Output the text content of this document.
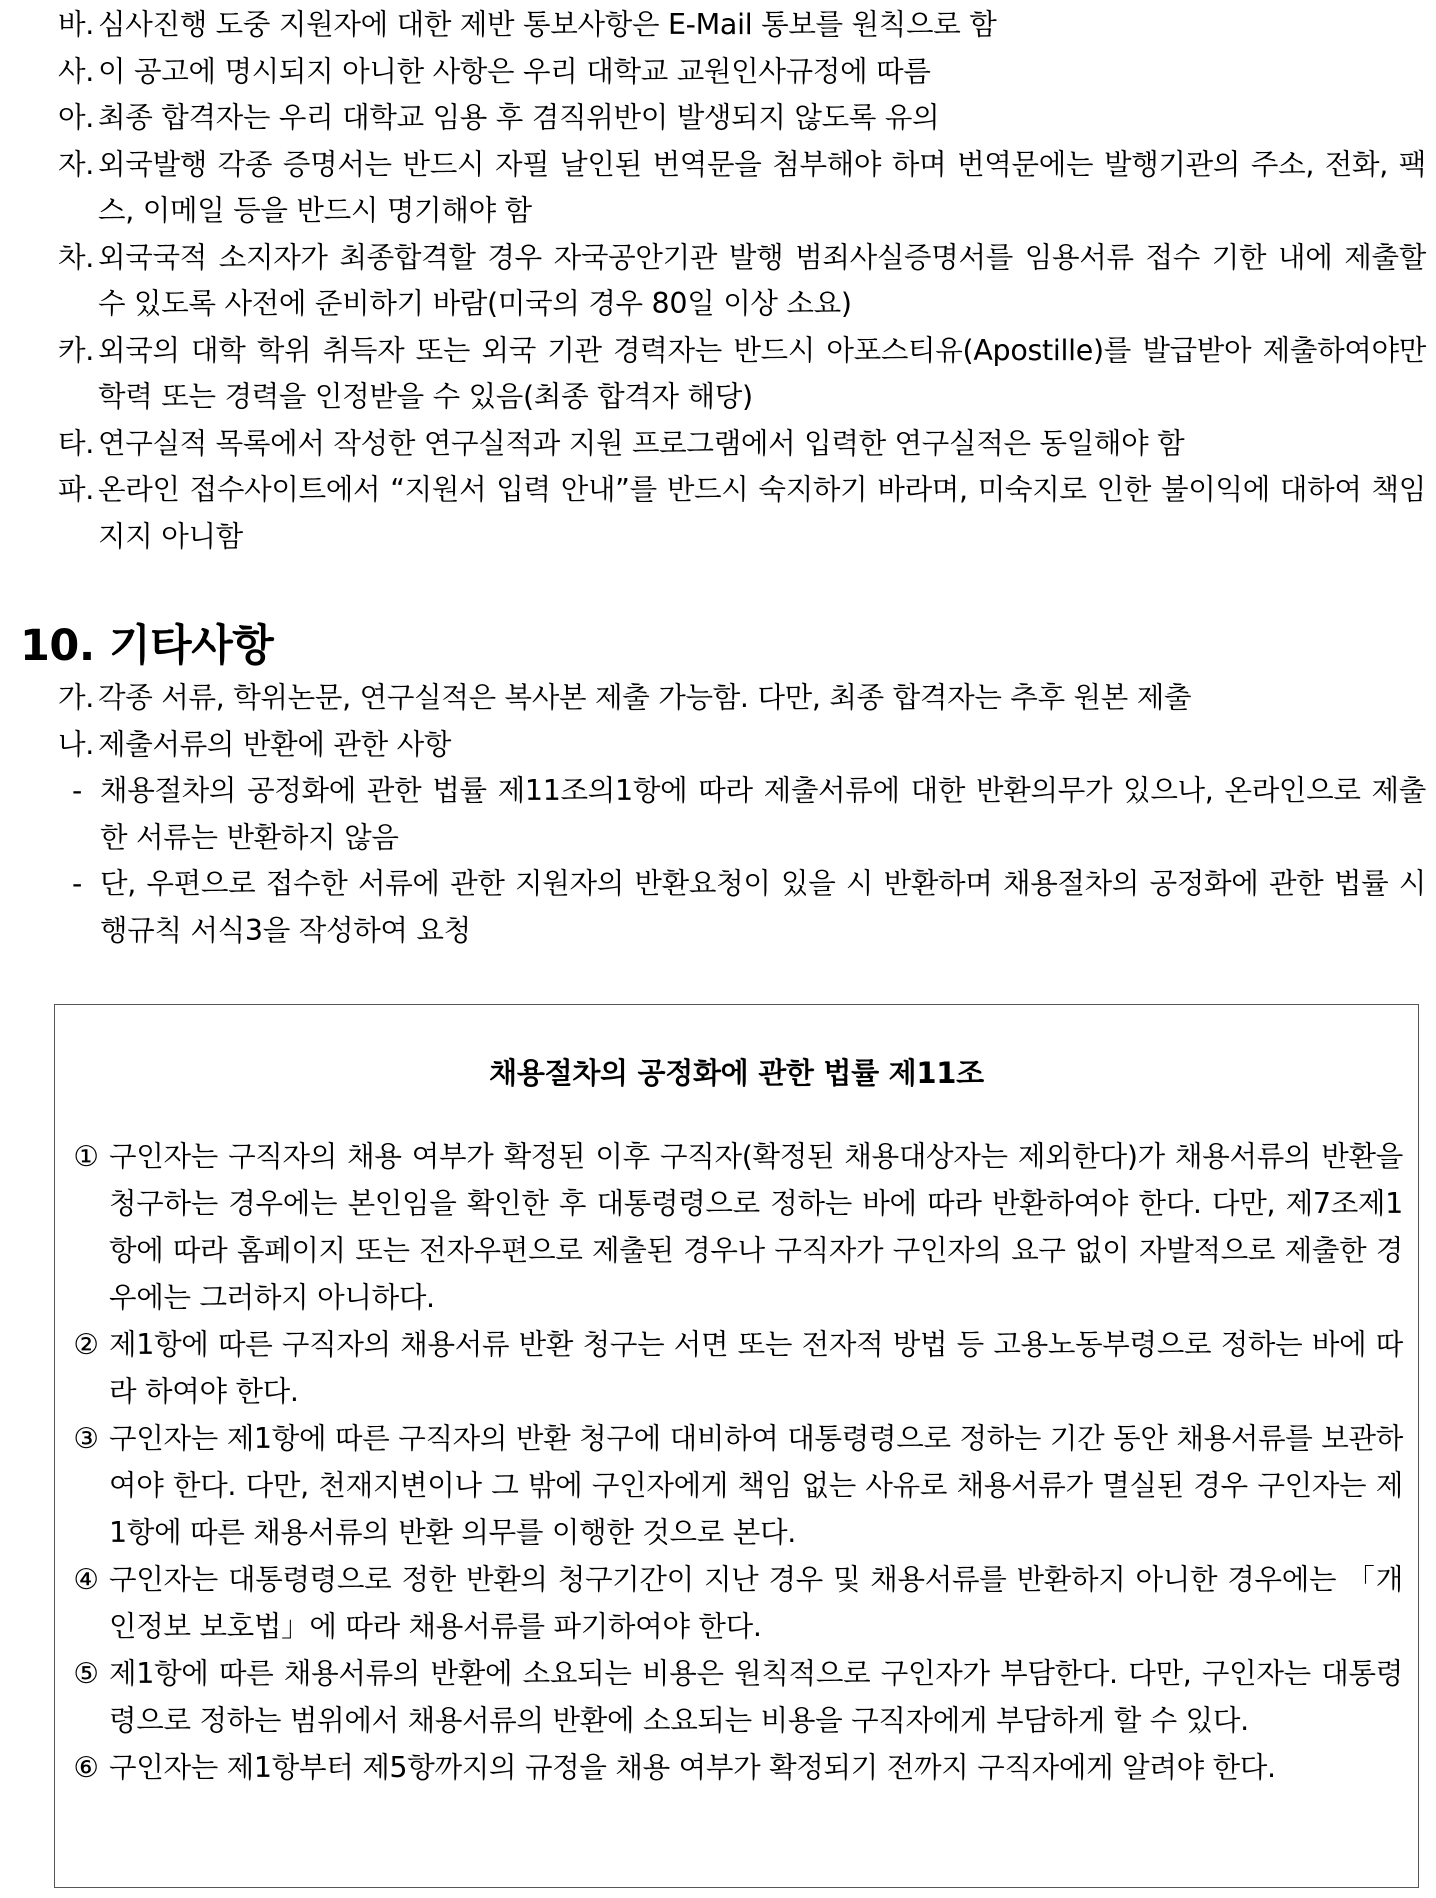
바. 심사진행 도중 지원자에 대한 제반 통보사항은 E-Mail 통보를 원칙으로 함
사. 이 공고에 명시되지 아니한 사항은 우리 대학교 교원인사규정에 따름
아. 최종 합격자는 우리 대학교 임용 후 겸직위반이 발생되지 않도록 유의
자. 외국발행 각종 증명서는 반드시 자필 날인된 번역문을 첨부해야 하며 번역문에는 발행기관의 주소, 전화, 팩스, 이메일 등을 반드시 명기해야 함
차. 외국국적 소지자가 최종합격할 경우 자국공안기관 발행 범죄사실증명서를 임용서류 접수 기한 내에 제출할 수 있도록 사전에 준비하기 바람(미국의 경우 80일 이상 소요)
카. 외국의 대학 학위 취득자 또는 외국 기관 경력자는 반드시 아포스티유(Apostille)를 발급받아 제출하여야만 학력 또는 경력을 인정받을 수 있음(최종 합격자 해당)
타. 연구실적 목록에서 작성한 연구실적과 지원 프로그램에서 입력한 연구실적은 동일해야 함
파. 온라인 접수사이트에서 “지원서 입력 안내”를 반드시 숙지하기 바라며, 미숙지로 인한 불이익에 대하여 책임지지 아니함
10. 기타사항
가. 각종 서류, 학위논문, 연구실적은 복사본 제출 가능함. 다만, 최종 합격자는 추후 원본 제출
나. 제출서류의 반환에 관한 사항
- 채용절차의 공정화에 관한 법률 제11조의1항에 따라 제출서류에 대한 반환의무가 있으나, 온라인으로 제출한 서류는 반환하지 않음
- 단, 우편으로 접수한 서류에 관한 지원자의 반환요청이 있을 시 반환하며 채용절차의 공정화에 관한 법률 시행규칙 서식3을 작성하여 요청
채용절차의 공정화에 관한 법률 제11조
① 구인자는 구직자의 채용 여부가 확정된 이후 구직자(확정된 채용대상자는 제외한다)가 채용서류의 반환을 청구하는 경우에는 본인임을 확인한 후 대통령령으로 정하는 바에 따라 반환하여야 한다. 다만, 제7조제1항에 따라 홈페이지 또는 전자우편으로 제출된 경우나 구직자가 구인자의 요구 없이 자발적으로 제출한 경우에는 그러하지 아니하다.
② 제1항에 따른 구직자의 채용서류 반환 청구는 서면 또는 전자적 방법 등 고용노동부령으로 정하는 바에 따라 하여야 한다.
③ 구인자는 제1항에 따른 구직자의 반환 청구에 대비하여 대통령령으로 정하는 기간 동안 채용서류를 보관하여야 한다. 다만, 천재지변이나 그 밖에 구인자에게 책임 없는 사유로 채용서류가 멸실된 경우 구인자는 제1항에 따른 채용서류의 반환 의무를 이행한 것으로 본다.
④ 구인자는 대통령령으로 정한 반환의 청구기간이 지난 경우 및 채용서류를 반환하지 아니한 경우에는 「개인정보 보호법」에 따라 채용서류를 파기하여야 한다.
⑤ 제1항에 따른 채용서류의 반환에 소요되는 비용은 원칙적으로 구인자가 부담한다. 다만, 구인자는 대통령령으로 정하는 범위에서 채용서류의 반환에 소요되는 비용을 구직자에게 부담하게 할 수 있다.
⑥ 구인자는 제1항부터 제5항까지의 규정을 채용 여부가 확정되기 전까지 구직자에게 알려야 한다.
